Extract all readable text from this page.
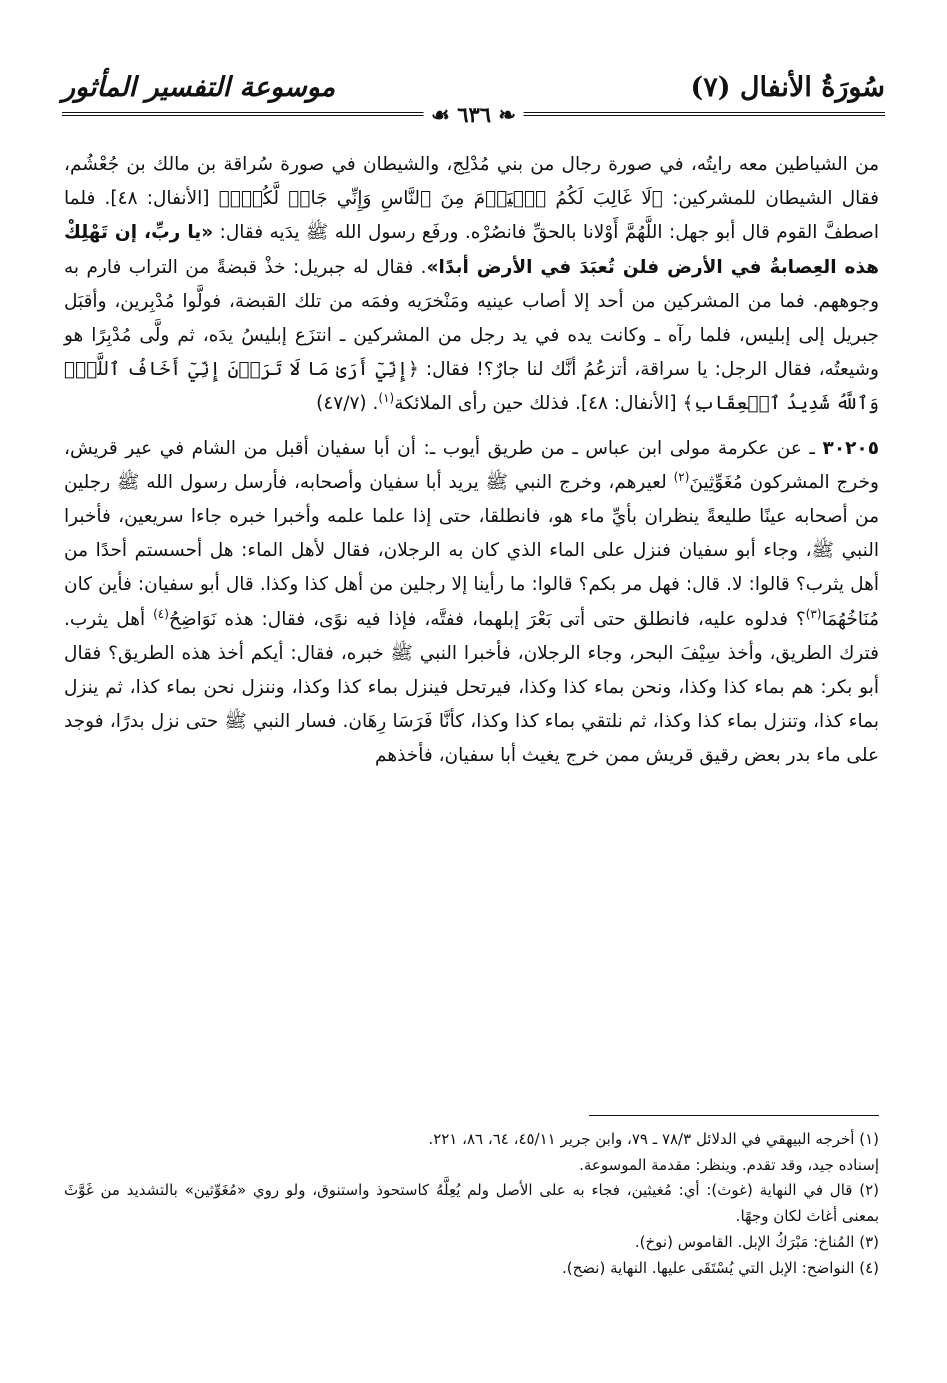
سُورَةُ الأنفال (٧)
❧ ٦٣٦ ☙
موسوعة التفسير المأثور

من الشياطين معه رايتُه، في صورة رجال من بني مُدْلِج، والشيطان في صورة سُراقة بن مالك بن جُعْشُم، فقال الشيطان للمشركين: ﴿لَا غَالِبَ لَكُمُ ٱلۡيَوۡمَ مِنَ ٱلنَّاسِ وَإِنِّي جَارٞ لَّكُمۡۖ﴾ [الأنفال: ٤٨]. فلما اصطفَّ القوم قال أبو جهل: اللَّهُمَّ أَوْلانا بالحقِّ فانصُرْه. ورفَع رسول الله ﷺ يدَيه فقال: «يا ربِّ، إن تَهْلِكْ هذه العِصابةُ في الأرض فلن تُعبَدَ في الأرض أبدًا». فقال له جبريل: خذْ قبضةً من التراب فارم به وجوههم. فما من المشركين من أحد إلا أصاب عينيه ومَنْخرَيه وفمَه من تلك القبضة، فولَّوا مُدْبِرين، وأقبَل جبريل إلى إبليس، فلما رآه ـ وكانت يده في يد رجل من المشركين ـ انتزَع إبليسُ يدَه، ثم ولَّى مُدْبِرًا هو وشيعتُه، فقال الرجل: يا سراقة، أتزعُمُ أنَّك لنا جارٌ؟! فقال: ﴿إِنِّيٓ أَرَىٰ مَا لَا تَرَوۡنَ إِنِّيٓ أَخَافُ ٱللَّهَۚ وَٱللَّهُ شَدِيدُ ٱلۡعِقَابِ﴾ [الأنفال: ٤٨]. فذلك حين رأى الملائكة$^{(١)}$. (٤٧/٧)

٣٠٢٠٥ ـ عن عكرمة مولى ابن عباس ـ من طريق أيوب ـ: أن أبا سفيان أقبل من الشام في عير قريش، وخرج المشركون مُغَوِّثِينَ$^{(٢)}$ لعيرهم، وخرج النبي ﷺ يريد أبا سفيان وأصحابه، فأرسل رسول الله ﷺ رجلين من أصحابه عينًا طليعةً ينظران بأيِّ ماء هو، فانطلقا، حتى إذا علما علمه وأخبرا خبره جاءا سريعين، فأخبرا النبي ﷺ، وجاء أبو سفيان فنزل على الماء الذي كان به الرجلان، فقال لأهل الماء: هل أحسستم أحدًا من أهل يثرب؟ قالوا: لا. قال: فهل مر بكم؟ قالوا: ما رأينا إلا رجلين من أهل كذا وكذا. قال أبو سفيان: فأين كان مُنَاخُهُمَا$^{(٣)}$؟ فدلوه عليه، فانطلق حتى أتى بَعْرَ إبلهما، ففتَّه، فإذا فيه نوًى، فقال: هذه نَوَاضِحُ$^{(٤)}$ أهل يثرب. فترك الطريق، وأخذ سِيْفَ البحر، وجاء الرجلان، فأخبرا النبي ﷺ خبره، فقال: أيكم أخذ هذه الطريق؟ فقال أبو بكر: هم بماء كذا وكذا، ونحن بماء كذا وكذا، فيرتحل فينزل بماء كذا وكذا، وننزل نحن بماء كذا، ثم ينزل بماء كذا، وتنزل بماء كذا وكذا، ثم نلتقي بماء كذا وكذا، كأنَّا فَرَسَا رِهَان. فسار النبي ﷺ حتى نزل بدرًا، فوجد على ماء بدر بعض رقيق قريش ممن خرج يغيث أبا سفيان، فأخذهم

(١) أخرجه البيهقي في الدلائل ٧٨/٣ ـ ٧٩، وابن جرير ٤٥/١١، ٦٤، ٨٦، ٢٢١.

إسناده جيد، وقد تقدم. وينظر: مقدمة الموسوعة.

(٢) قال في النهاية (غوث): أي: مُغيثين، فجاء به على الأصل ولم يُعِلَّهُ كاستحوذ واستنوق، ولو روي «مُغَوِّثين» بالتشديد من غَوَّثَ بمعنى أغاث لكان وجهًا.

(٣) المُناخ: مَبْرَكُ الإبل. القاموس (نوخ).

(٤) النواضح: الإبل التي يُسْتَقَى عليها. النهاية (نضح).
